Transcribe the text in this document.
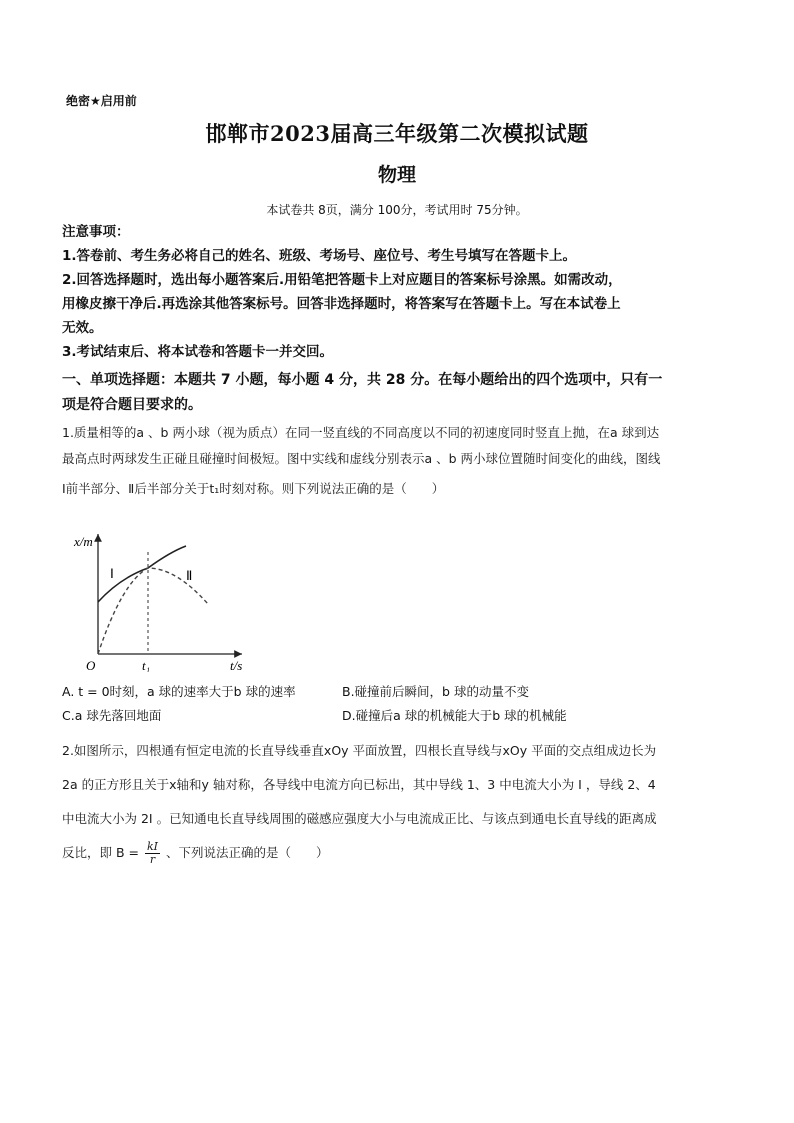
绝密★启用前
邯郸市2023届高三年级第二次模拟试题
物理
本试卷共 8页，满分 100分，考试用时 75分钟。
注意事项：
1.答卷前、考生务必将自己的姓名、班级、考场号、座位号、考生号填写在答题卡上。
2.回答选择题时，选出每小题答案后.用铅笔把答题卡上对应题目的答案标号涂黑。如需改动，
用橡皮擦干净后.再选涂其他答案标号。回答非选择题时，将答案写在答题卡上。写在本试卷上
无效。
3.考试结束后、将本试卷和答题卡一并交回。
一、单项选择题：本题共 7 小题，每小题 4 分，共 28 分。在每小题给出的四个选项中，只有一
项是符合题目要求的。
1.质量相等的a 、b 两小球（视为质点）在同一竖直线的不同高度以不同的初速度同时竖直上抛，在a 球到达
最高点时两球发生正碰且碰撞时间极短。图中实线和虚线分别表示a 、b 两小球位置随时间变化的曲线，图线
Ⅰ前半部分、Ⅱ后半部分关于t₁时刻对称。则下列说法正确的是（　　）
x/m
t/s
O	t₁
Ⅰ	Ⅱ
A. t = 0时刻，a 球的速率大于b 球的速率	B.碰撞前后瞬间，b 球的动量不变
C.a 球先落回地面	D.碰撞后a 球的机械能大于b 球的机械能
2.如图所示，四根通有恒定电流的长直导线垂直xOy 平面放置，四根长直导线与xOy 平面的交点组成边长为
2a 的正方形且关于x轴和y 轴对称，各导线中电流方向已标出，其中导线 1、3 中电流大小为 I ，导线 2、4
中电流大小为 2I 。已知通电长直导线周围的磁感应强度大小与电流成正比、与该点到通电长直导线的距离成
反比，即 $B = \frac{kI}{r}$ 、下列说法正确的是（　　）
